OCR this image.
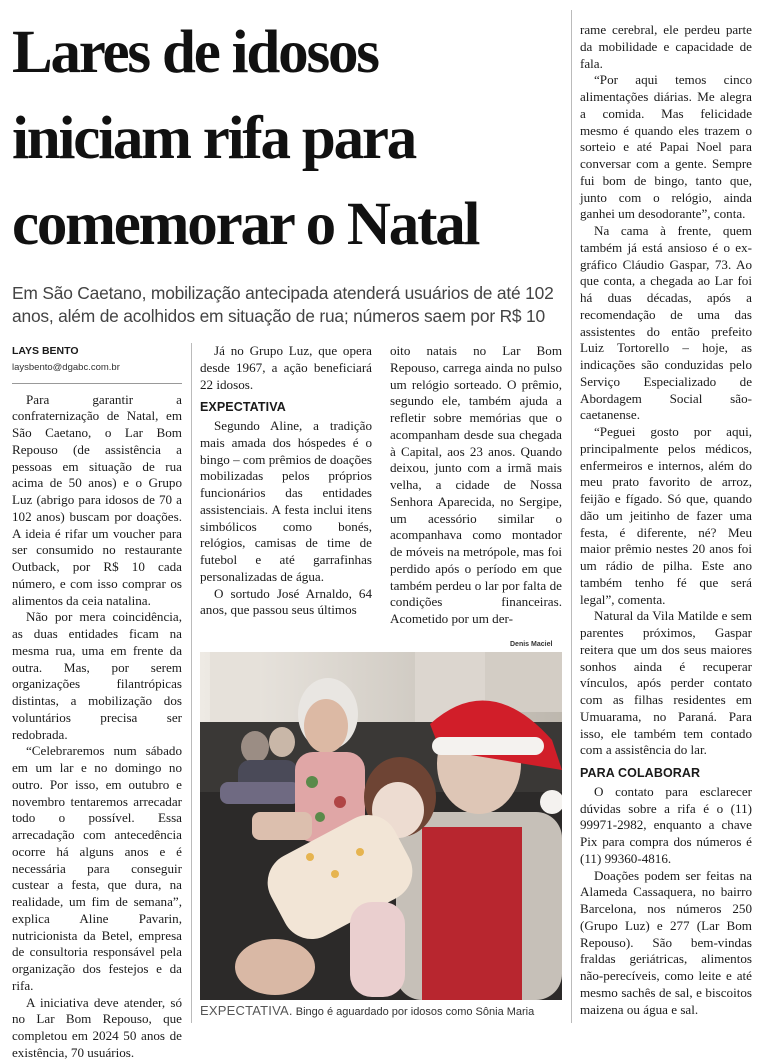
Lares de idosos
iniciam rifa para
comemorar o Natal
Em São Caetano, mobilização antecipada atenderá usuários de até 102 anos, além de acolhidos em situação de rua; números saem por R$ 10

LAYS BENTO

laysbento@dgabc.com.br

Para garantir a confraternização de Natal, em São Caetano, o Lar Bom Repouso (de assistência a pessoas em situação de rua acima de 50 anos) e o Grupo Luz (abrigo para idosos de 70 a 102 anos) buscam por doações. A ideia é rifar um voucher para ser consumido no restaurante Outback, por R$ 10 cada número, e com isso comprar os alimentos da ceia natalina.

Não por mera coincidência, as duas entidades ficam na mesma rua, uma em frente da outra. Mas, por serem organizações filantrópicas distintas, a mobilização dos voluntários precisa ser redobrada.

“Celebraremos num sábado em um lar e no domingo no outro. Por isso, em outubro e novembro tentaremos arrecadar todo o possível. Essa arrecadação com antecedência ocorre há alguns anos e é necessária para conseguir custear a festa, que dura, na realidade, um fim de semana”, explica Aline Pavarin, nutricionista da Betel, empresa de consultoria responsável pela organização dos festejos e da rifa.

A iniciativa deve atender, só no Lar Bom Repouso, que completou em 2024 50 anos de existência, 70 usuários.

Já no Grupo Luz, que opera desde 1967, a ação beneficiará 22 idosos.

EXPECTATIVA

Segundo Aline, a tradição mais amada dos hóspedes é o bingo – com prêmios de doações mobilizadas pelos próprios funcionários das entidades assistenciais. A festa inclui itens simbólicos como bonés, relógios, camisas de time de futebol e até garrafinhas personalizadas de água.

O sortudo José Arnaldo, 64 anos, que passou seus últimos

oito natais no Lar Bom Repouso, carrega ainda no pulso um relógio sorteado. O prêmio, segundo ele, também ajuda a refletir sobre memórias que o acompanham desde sua chegada à Capital, aos 23 anos. Quando deixou, junto com a irmã mais velha, a cidade de Nossa Senhora Aparecida, no Sergipe, um acessório similar o acompanhava como montador de móveis na metrópole, mas foi perdido após o período em que também perdeu o lar por falta de condições financeiras. Acometido por um der-

rame cerebral, ele perdeu parte da mobilidade e capacidade de fala.

“Por aqui temos cinco alimentações diárias. Me alegra a comida. Mas felicidade mesmo é quando eles trazem o sorteio e até Papai Noel para conversar com a gente. Sempre fui bom de bingo, tanto que, junto com o relógio, ainda ganhei um desodorante”, conta.

Na cama à frente, quem também já está ansioso é o ex-gráfico Cláudio Gaspar, 73. Ao que conta, a chegada ao Lar foi há duas décadas, após a recomendação de uma das assistentes do então prefeito Luiz Tortorello – hoje, as indicações são conduzidas pelo Serviço Especializado de Abordagem Social são-caetanense.

“Peguei gosto por aqui, principalmente pelos médicos, enfermeiros e internos, além do meu prato favorito de arroz, feijão e fígado. Só que, quando dão um jeitinho de fazer uma festa, é diferente, né? Meu maior prêmio nestes 20 anos foi um rádio de pilha. Este ano também tenho fé que será legal”, comenta.

Natural da Vila Matilde e sem parentes próximos, Gaspar reitera que um dos seus maiores sonhos ainda é recuperar vínculos, após perder contato com as filhas residentes em Umuarama, no Paraná. Para isso, ele também tem contado com a assistência do lar.

PARA COLABORAR

O contato para esclarecer dúvidas sobre a rifa é o (11) 99971-2982, enquanto a chave Pix para compra dos números é (11) 99360-4816.

Doações podem ser feitas na Alameda Cassaquera, no bairro Barcelona, nos números 250 (Grupo Luz) e 277 (Lar Bom Repouso). São bem-vindas fraldas geriátricas, alimentos não-perecíveis, como leite e até mesmo sachês de sal, e biscoitos maizena ou água e sal.

Denis Maciel
EXPECTATIVA. Bingo é aguardado por idosos como Sônia Maria
